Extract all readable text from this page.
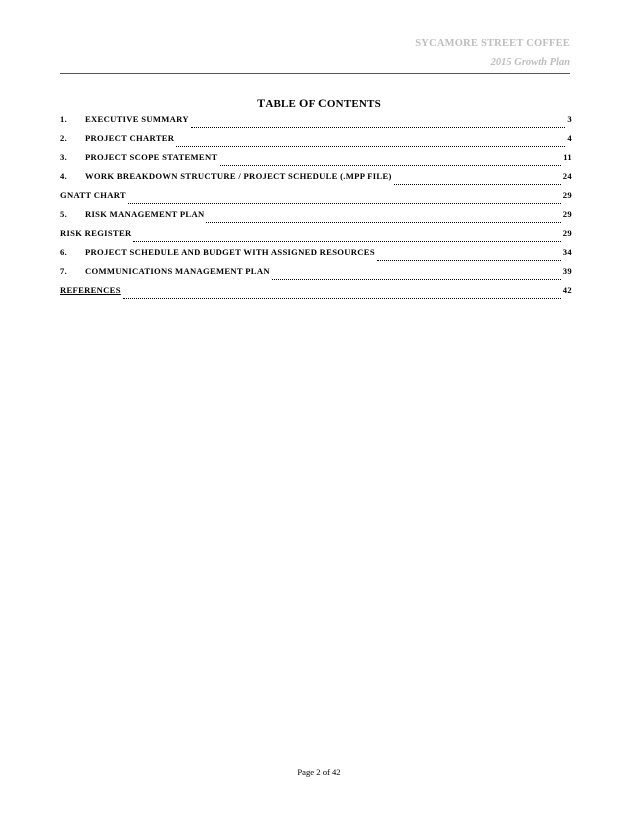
SYCAMORE STREET COFFEE
2015 Growth Plan
TABLE OF CONTENTS
1.	EXECUTIVE SUMMARY	3
2.	PROJECT CHARTER	4
3.	PROJECT SCOPE STATEMENT	11
4.	WORK BREAKDOWN STRUCTURE / PROJECT SCHEDULE (.MPP FILE)	24
GNATT CHART	29
5.	RISK MANAGEMENT PLAN	29
RISK REGISTER	29
6.	PROJECT SCHEDULE AND BUDGET WITH ASSIGNED RESOURCES	34
7.	COMMUNICATIONS MANAGEMENT PLAN	39
REFERENCES	42
Page 2 of 42
